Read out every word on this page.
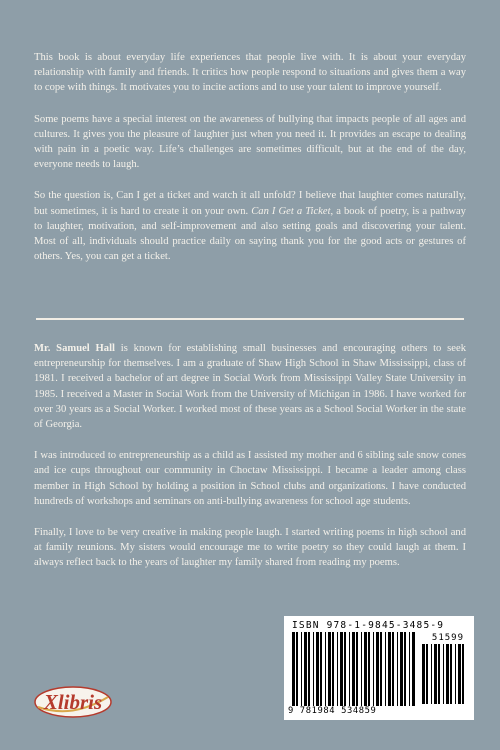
This book is about everyday life experiences that people live with. It is about your everyday relationship with family and friends. It critics how people respond to situations and gives them a way to cope with things. It motivates you to incite actions and to use your talent to improve yourself.

Some poems have a special interest on the awareness of bullying that impacts people of all ages and cultures. It gives you the pleasure of laughter just when you need it. It provides an escape to dealing with pain in a poetic way. Life’s challenges are sometimes difficult, but at the end of the day, everyone needs to laugh.

So the question is, Can I get a ticket and watch it all unfold? I believe that laughter comes naturally, but sometimes, it is hard to create it on your own. Can I Get a Ticket, a book of poetry, is a pathway to laughter, motivation, and self-improvement and also setting goals and discovering your talent. Most of all, individuals should practice daily on saying thank you for the good acts or gestures of others. Yes, you can get a ticket.

Mr. Samuel Hall is known for establishing small businesses and encouraging others to seek entrepreneurship for themselves. I am a graduate of Shaw High School in Shaw Mississippi, class of 1981. I received a bachelor of art degree in Social Work from Mississippi Valley State University in 1985. I received a Master in Social Work from the University of Michigan in 1986. I have worked for over 30 years as a Social Worker. I worked most of these years as a School Social Worker in the state of Georgia.

I was introduced to entrepreneurship as a child as I assisted my mother and 6 sibling sale snow cones and ice cups throughout our community in Choctaw Mississippi. I became a leader among class member in High School by holding a position in School clubs and organizations. I have conducted hundreds of workshops and seminars on anti-bullying awareness for school age students.

Finally, I love to be very creative in making people laugh. I started writing poems in high school and at family reunions. My sisters would encourage me to write poetry so they could laugh at them. I always reflect back to the years of laughter my family shared from reading my poems.

ISBN 978-1-9845-3485-9
51599
9 781984 534859
Xlibris
